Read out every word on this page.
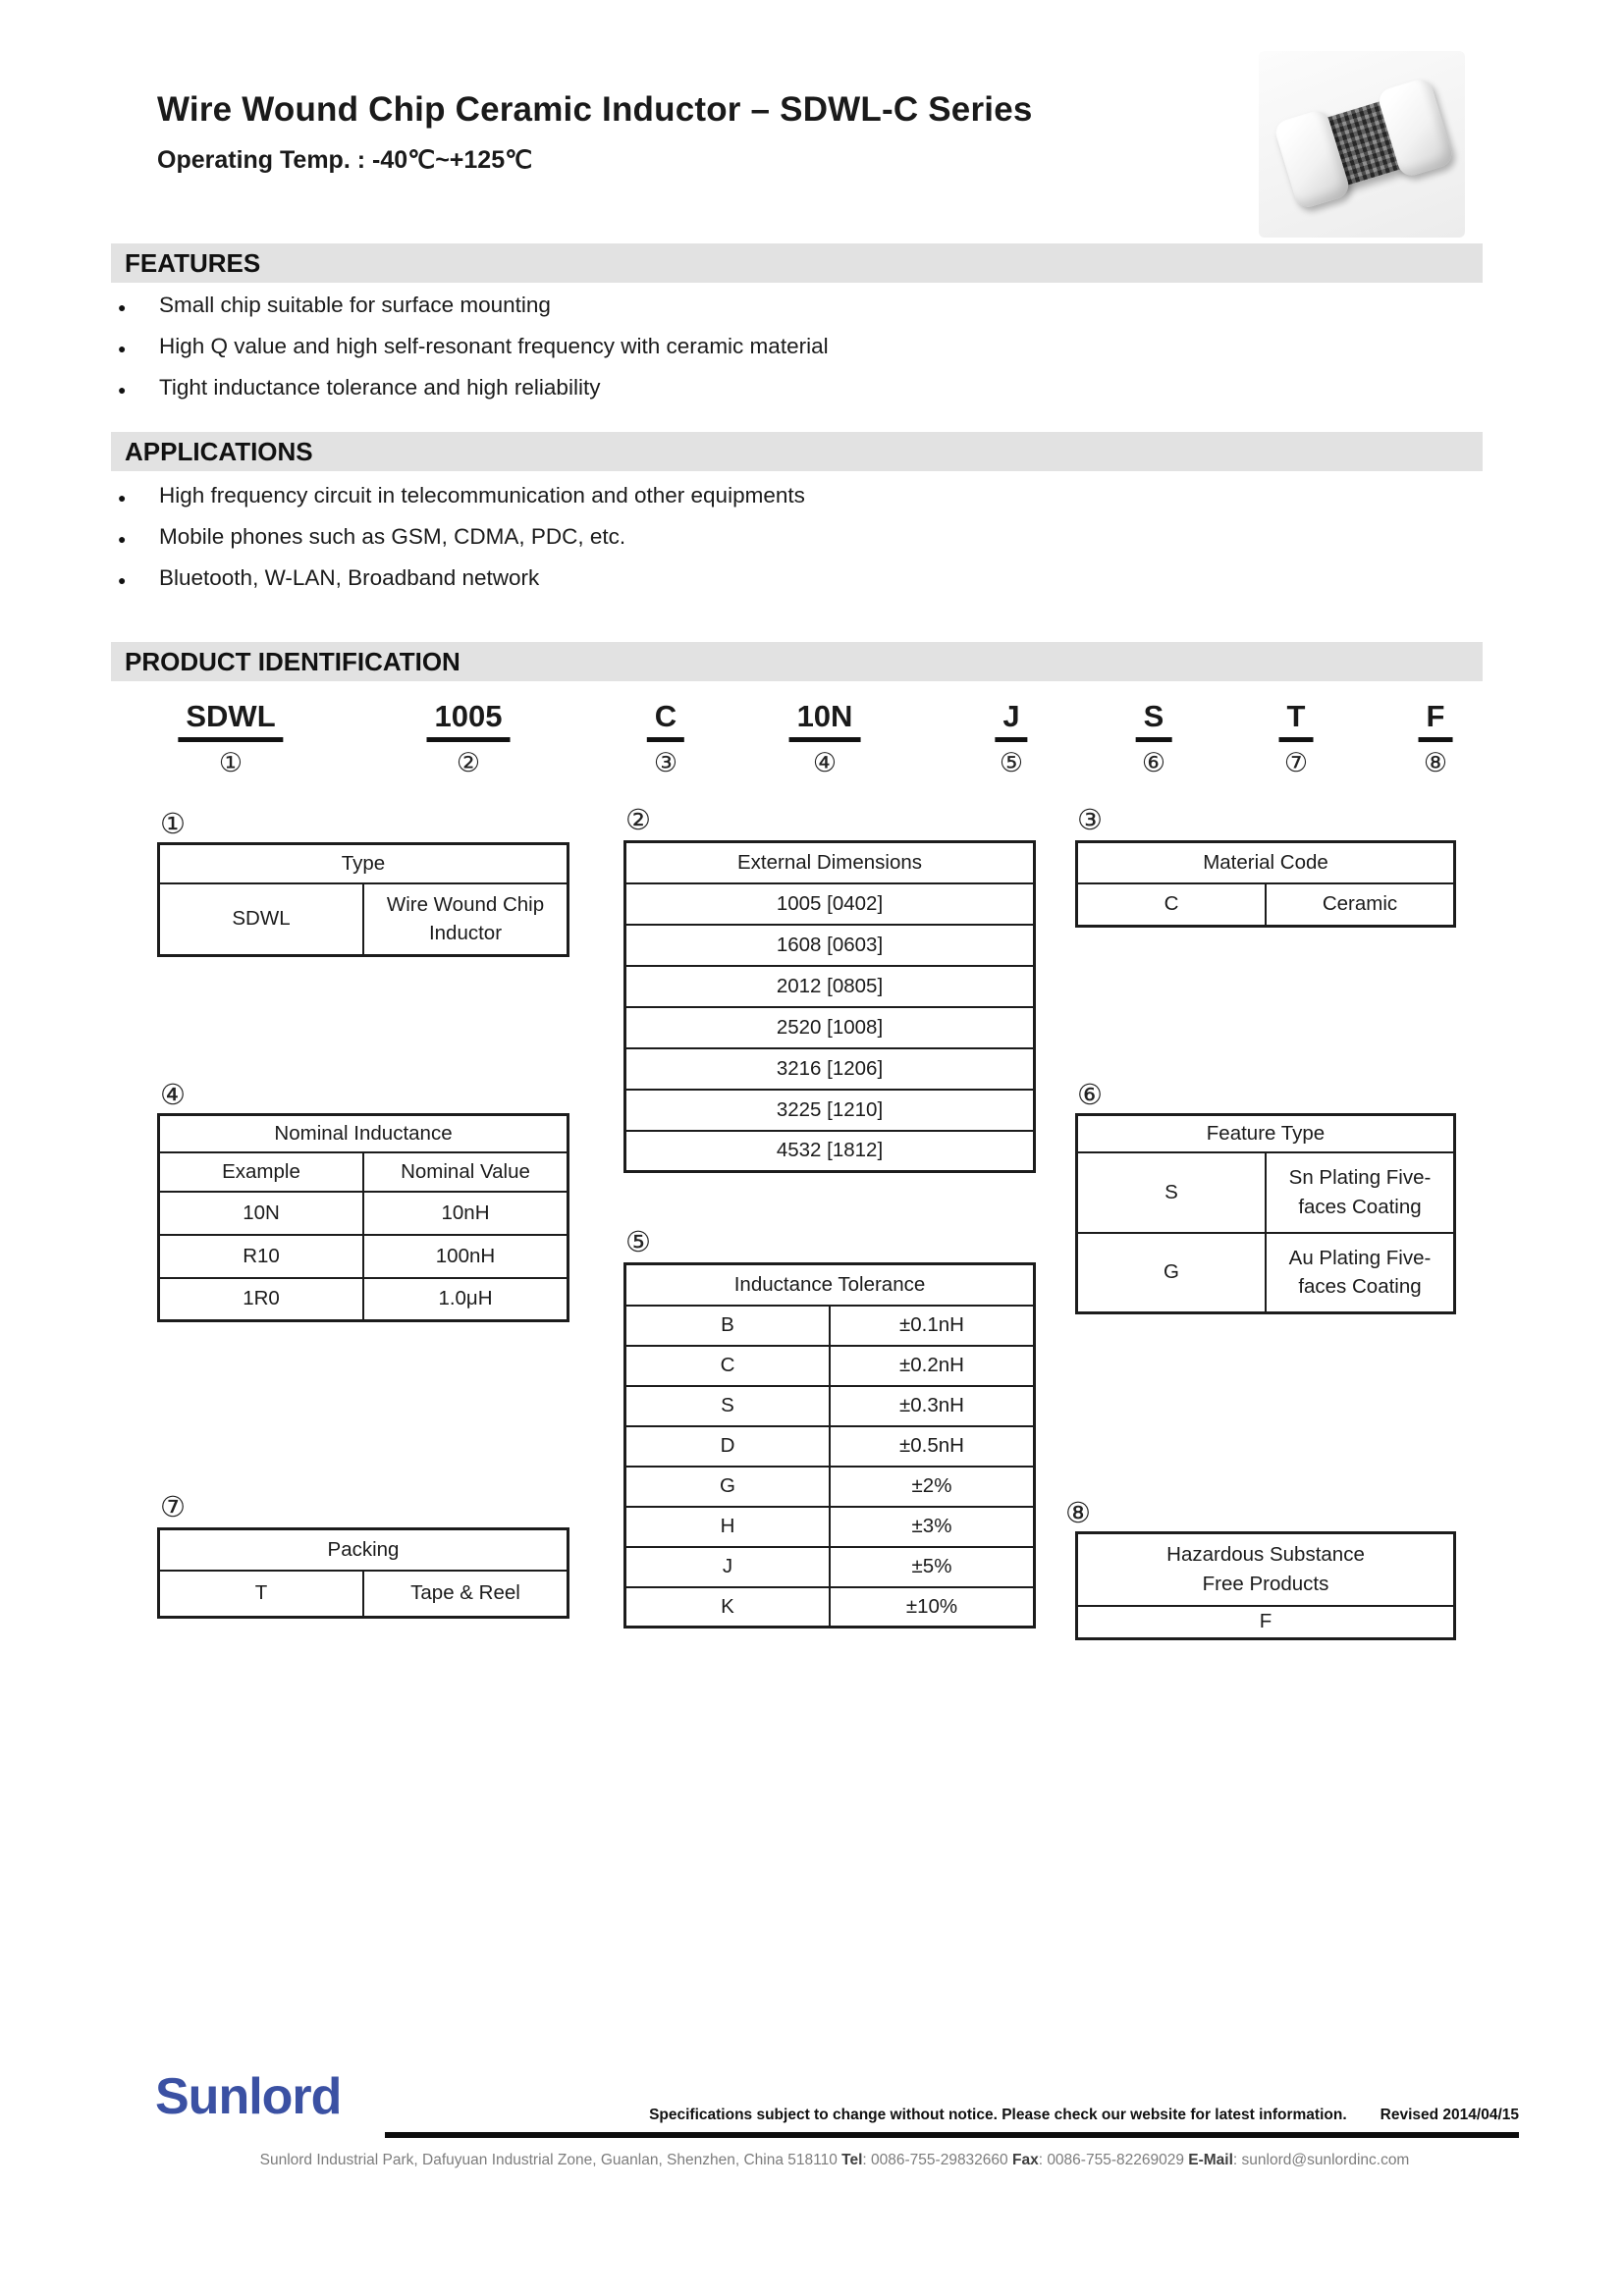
Wire Wound Chip Ceramic Inductor – SDWL-C Series
Operating Temp. : -40℃~+125℃
FEATURES
●	Small chip suitable for surface mounting
●	High Q value and high self-resonant frequency with ceramic material
●	Tight inductance tolerance and high reliability
APPLICATIONS
●	High frequency circuit in telecommunication and other equipments
●	Mobile phones such as GSM, CDMA, PDC, etc.
●	Bluetooth, W-LAN, Broadband network
PRODUCT IDENTIFICATION
SDWL
①
1005
②
C
③
10N
④
J
⑤
S
⑥
T
⑦
F
⑧
①	②	③
④
⑤
⑥
⑦	⑧
Type
SDWL	
Wire Wound Chip Inductor
External Dimensions
1005 [0402]
1608 [0603]
2012 [0805]
2520 [1008]
3216 [1206]
3225 [1210]
4532 [1812]
Material Code
C	Ceramic
Nominal Inductance	
Example	Nominal Value
10N	10nH
R10	100nH
1R0	1.0μH
Inductance Tolerance	
B	±0.1nH
C	±0.2nH
S	±0.3nH
D	±0.5nH
G	±2%
H	±3%
J	±5%
K	±10%
Feature Type	
S	Sn Plating Five-faces Coating

G	Au Plating Five-faces Coating
Packing
T	Tape & Reel
Hazardous Substance Free Products

F
Sunlord	Specifications subject to change without notice. Please check our website for latest information. Revised 2014/04/15
Sunlord Industrial Park, Dafuyuan Industrial Zone, Guanlan, Shenzhen, China 518110 Tel: 0086-755-29832660 Fax: 0086-755-82269029 E-Mail: sunlord@sunlordinc.com
